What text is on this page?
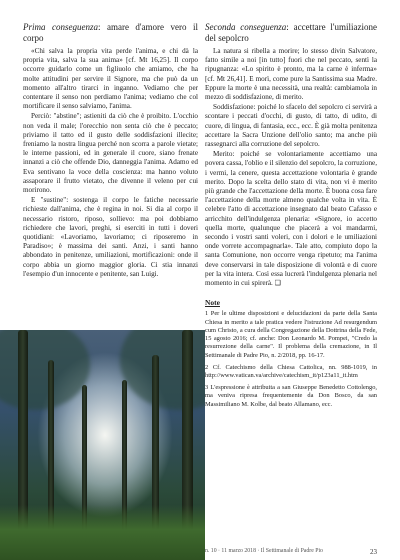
Prima conseguenza: amare d'amore vero il corpo

«Chi salva la propria vita perde l'anima, e chi dà la propria vita, salva la sua anima» [cf. Mt 16,25]. Il corpo occorre guidarlo come un figliuolo che amiamo, che ha molte attitudini per servire il Signore, ma che può da un momento all'altro tirarci in inganno. Vediamo che per contentare il senso non perdiamo l'anima; vediamo che col mortificare il senso salviamo, l'anima.

Perciò: "abstine"; astieniti da ciò che è proibito. L'occhio non veda il male; l'orecchio non senta ciò che è peccato; priviamo il tatto ed il gusto delle soddisfazioni illecite; freniamo la nostra lingua perché non scorra a parole vietate; le interne passioni, ed in generale il cuore, siano frenate innanzi a ciò che offende Dio, danneggia l'anima. Adamo ed Eva sentivano la voce della coscienza: ma hanno voluto assaporare il frutto vietato, che divenne il veleno per cui morirono.

E "sustine": sostenga il corpo le fatiche necessarie richieste dall'anima, che è regina in noi. Si dia al corpo il necessario ristoro, riposo, sollievo: ma poi dobbiamo richiedere che lavori, preghi, si eserciti in tutti i doveri quotidiani: «Lavoriamo, lavoriamo; ci riposeremo in Paradiso»; è massima dei santi. Anzi, i santi hanno abbondato in penitenze, umiliazioni, mortificazioni: onde il corpo abbia un giorno maggior gloria. Ci stia innanzi l'esempio d'un innocente e penitente, san Luigi.

Seconda conseguenza: accettare l'umiliazione del sepolcro

La natura si ribella a morire; lo stesso divin Salvatore, fatto simile a noi [in tutto] fuori che nel peccato, sentì la ripugnanza: «Lo spirito è pronto, ma la carne è inferma» [cf. Mt 26,41]. E morì, come pure la Santissima sua Madre. Eppure la morte è una necessità, una realtà: cambiamola in mezzo di soddisfazione, di merito.

Soddisfazione: poiché lo sfacelo del sepolcro ci servirà a scontare i peccati d'occhi, di gusto, di tatto, di udito, di cuore, di lingua, di fantasia, ecc., ecc. È già molta penitenza accettare la Sacra Unzione dell'olio santo; ma anche più rassegnarci alla corruzione del sepolcro.

Merito: poiché se volontariamente accettiamo una povera cassa, l'oblio e il silenzio del sepolcro, la corruzione, i vermi, la cenere, questa accettazione volontaria è grande merito. Dopo la scelta dello stato di vita, non vi è merito più grande che l'accettazione della morte. È buona cosa fare l'accettazione della morte almeno qualche volta in vita. È celebre l'atto di accettazione insegnato dal beato Cafasso e arricchito dell'indulgenza plenaria: «Signore, io accetto quella morte, qualunque che piacerà a voi mandarmi, secondo i vostri santi voleri, con i dolori e le umiliazioni onde vorrete accompagnarla». Tale atto, compiuto dopo la santa Comunione, non occorre venga ripetuto; ma l'anima deve conservarsi in tale disposizione di volontà e di cuore per la vita intera. Così essa lucrerà l'indulgenza plenaria nel momento in cui spirerà. ❑

Note

1 Per le ultime disposizioni e delucidazioni da parte della Santa Chiesa in merito a tale pratica vedere l'istruzione Ad resurgendum cum Christo, a cura della Congregazione della Dottrina della Fede, 15 agosto 2016; cf. anche: Don Leonardo M. Pompei, "Credo la resurrezione della carne". Il problema della cremazione, in Il Settimanale di Padre Pio, n. 2/2018, pp. 16-17.

2 Cf. Catechismo della Chiesa Cattolica, nn. 988-1019, in http://www.vatican.va/archive/catechism_it/p123a11_it.htm

3 L'espressione è attribuita a san Giuseppe Benedetto Cottolengo, ma venivа ripresa frequentemente da Don Bosco, da san Massimiliano M. Kolbe, dal beato Allamano, ecc.

n. 10 · 11 marzo 2018 · Il Settimanale di Padre Pio	23
